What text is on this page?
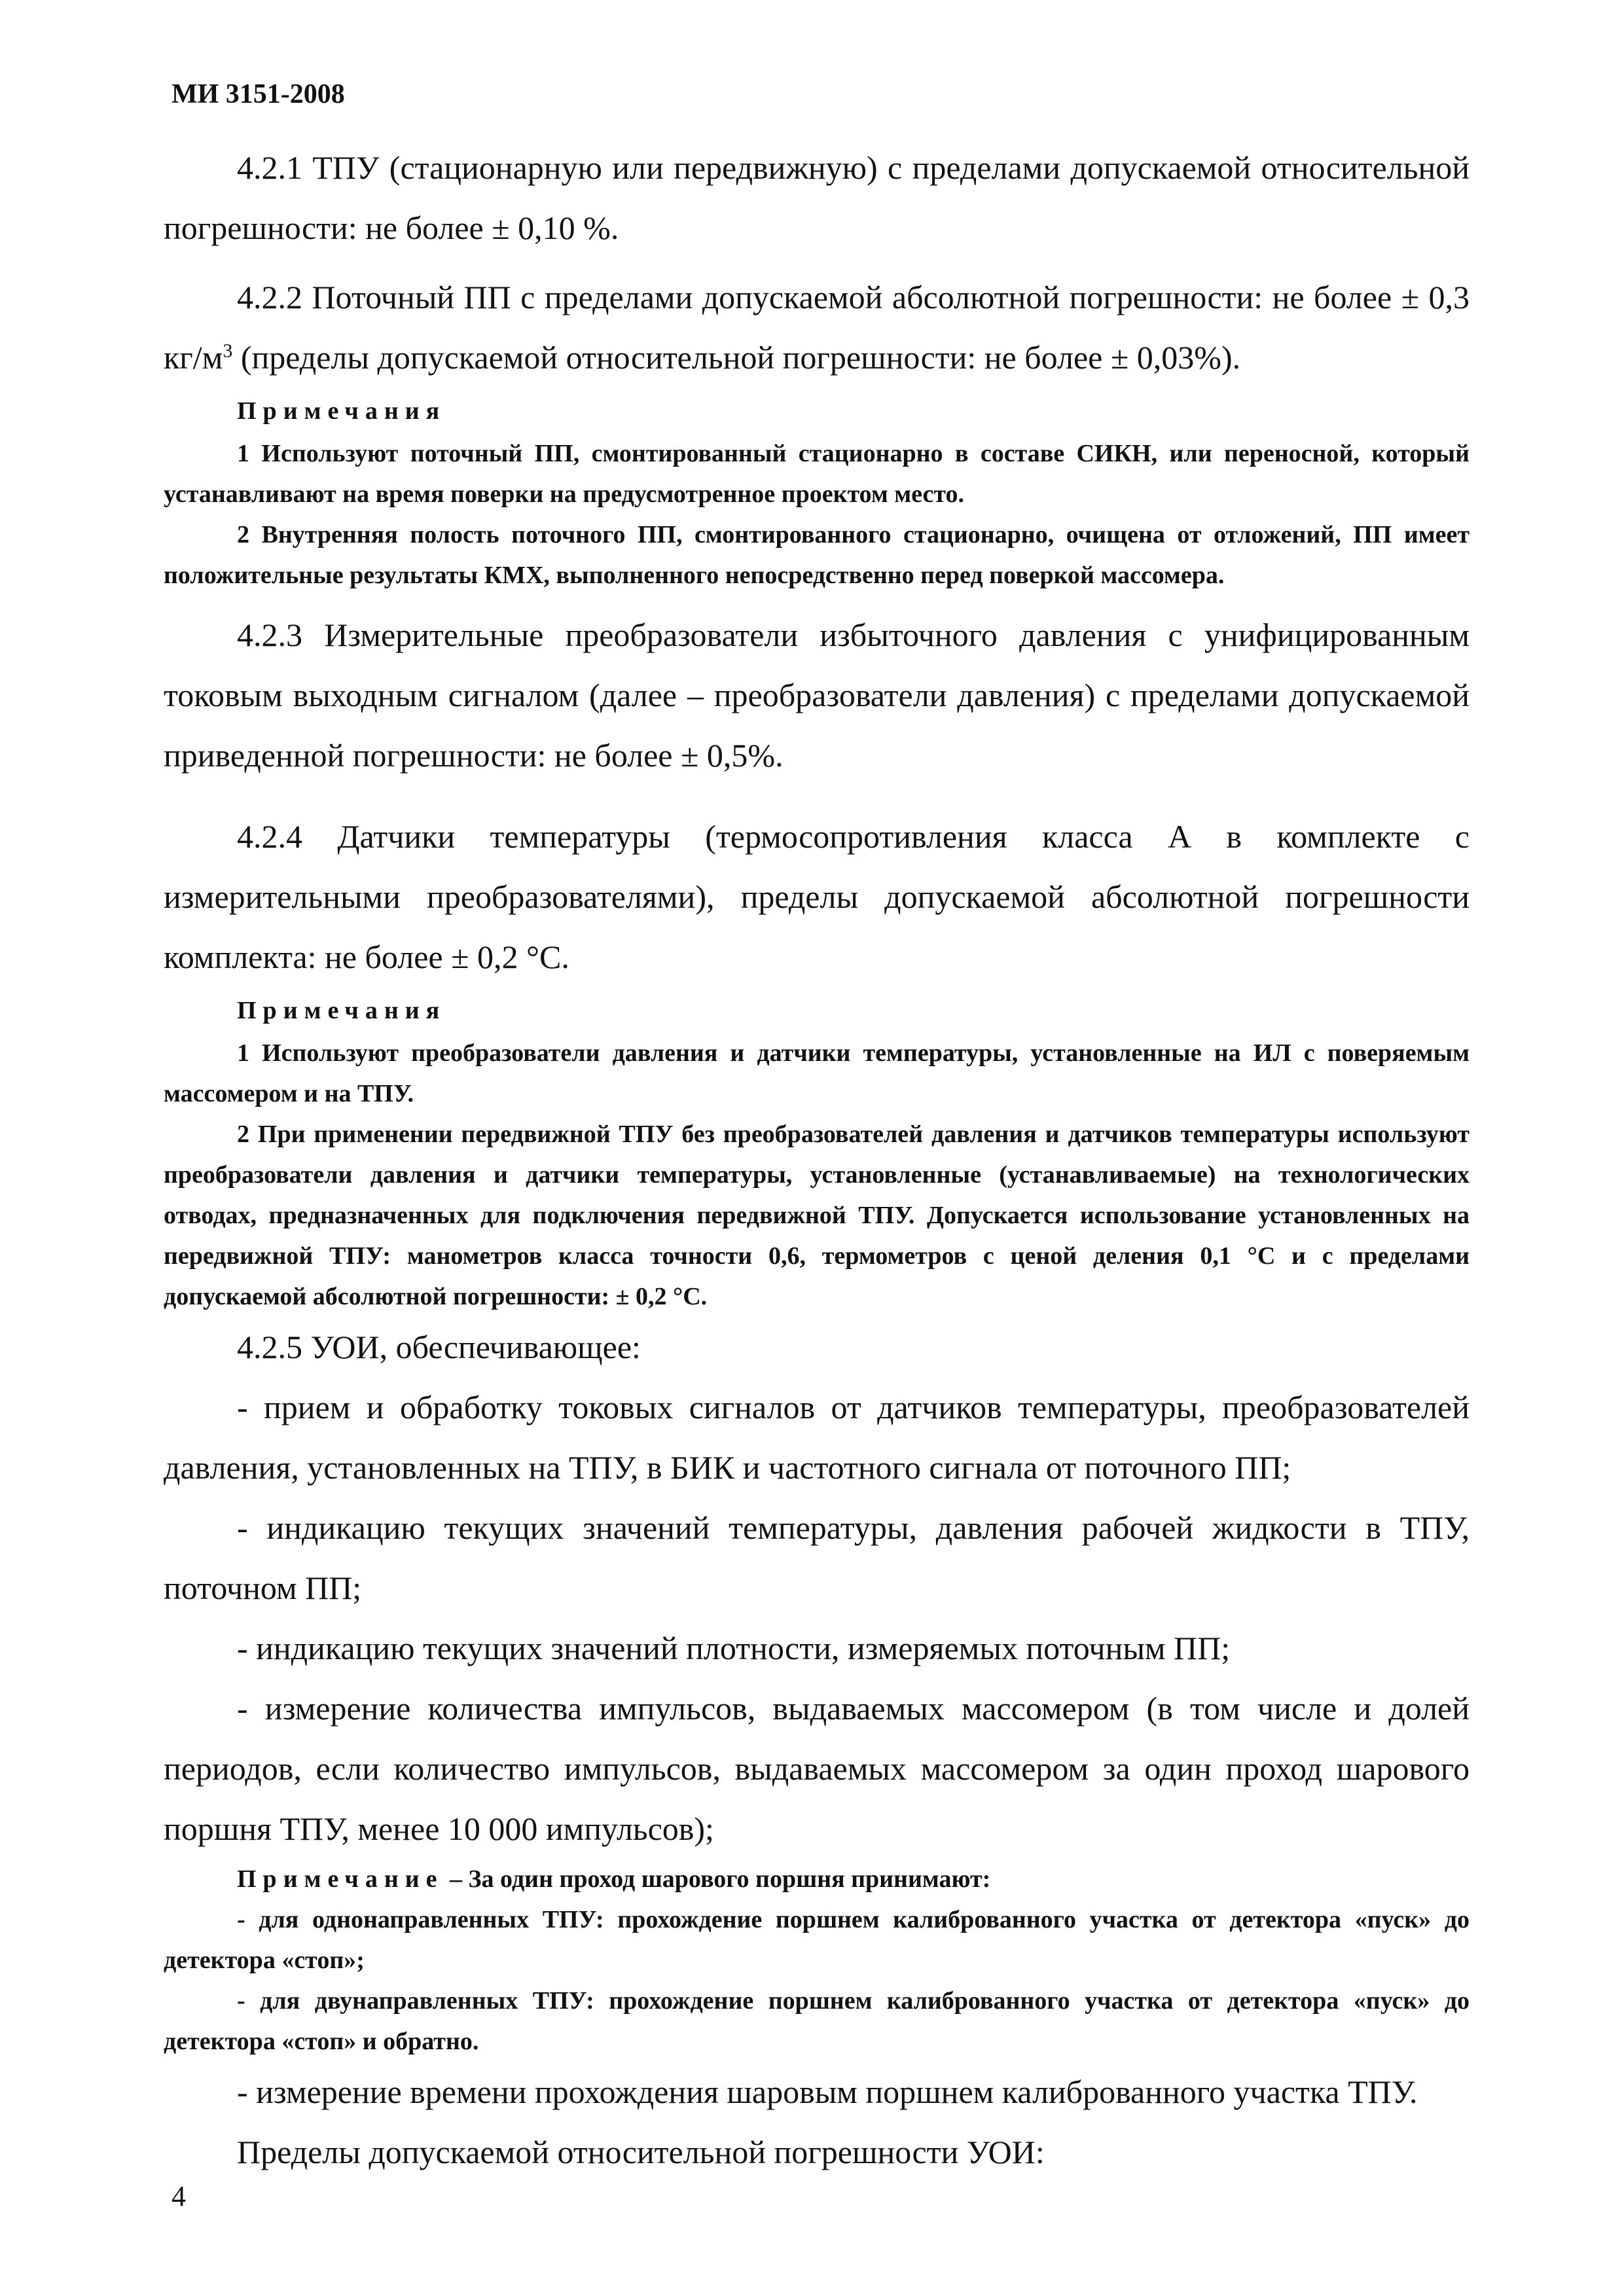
МИ 3151-2008

4.2.1 ТПУ (стационарную или передвижную) с пределами допускаемой относительной погрешности: не более ± 0,10 %.

4.2.2 Поточный ПП с пределами допускаемой абсолютной погрешности: не более ± 0,3 $кг/м^3$ (пределы допускаемой относительной погрешности: не более ± 0,03%).

Примечания

1 Используют поточный ПП, смонтированный стационарно в составе СИКН, или переносной, который устанавливают на время поверки на предусмотренное проектом место.

2 Внутренняя полость поточного ПП, смонтированного стационарно, очищена от отложений, ПП имеет положительные результаты КМХ, выполненного непосредственно перед поверкой массомера.

4.2.3 Измерительные преобразователи избыточного давления с унифицированным токовым выходным сигналом (далее – преобразователи давления) с пределами допускаемой приведенной погрешности: не более ± 0,5%.

4.2.4 Датчики температуры (термосопротивления класса А в комплекте с измерительными преобразователями), пределы допускаемой абсолютной погрешности комплекта: не более ± 0,2 °С.

Примечания

1 Используют преобразователи давления и датчики температуры, установленные на ИЛ с поверяемым массомером и на ТПУ.

2 При применении передвижной ТПУ без преобразователей давления и датчиков температуры используют преобразователи давления и датчики температуры, установленные (устанавливаемые) на технологических отводах, предназначенных для подключения передвижной ТПУ. Допускается использование установленных на передвижной ТПУ: манометров класса точности 0,6, термометров с ценой деления 0,1 °С и с пределами допускаемой абсолютной погрешности: ± 0,2 °С.

4.2.5 УОИ, обеспечивающее:

- прием и обработку токовых сигналов от датчиков температуры, преобразователей давления, установленных на ТПУ, в БИК и частотного сигнала от поточного ПП;

- индикацию текущих значений температуры, давления рабочей жидкости в ТПУ, поточном ПП;

- индикацию текущих значений плотности, измеряемых поточным ПП;

- измерение количества импульсов, выдаваемых массомером (в том числе и долей периодов, если количество импульсов, выдаваемых массомером за один проход шарового поршня ТПУ, менее 10 000 импульсов);

Примечание – За один проход шарового поршня принимают:

- для однонаправленных ТПУ: прохождение поршнем калиброванного участка от детектора «пуск» до детектора «стоп»;

- для двунаправленных ТПУ: прохождение поршнем калиброванного участка от детектора «пуск» до детектора «стоп» и обратно.

- измерение времени прохождения шаровым поршнем калиброванного участка ТПУ.

Пределы допускаемой относительной погрешности УОИ:

4
